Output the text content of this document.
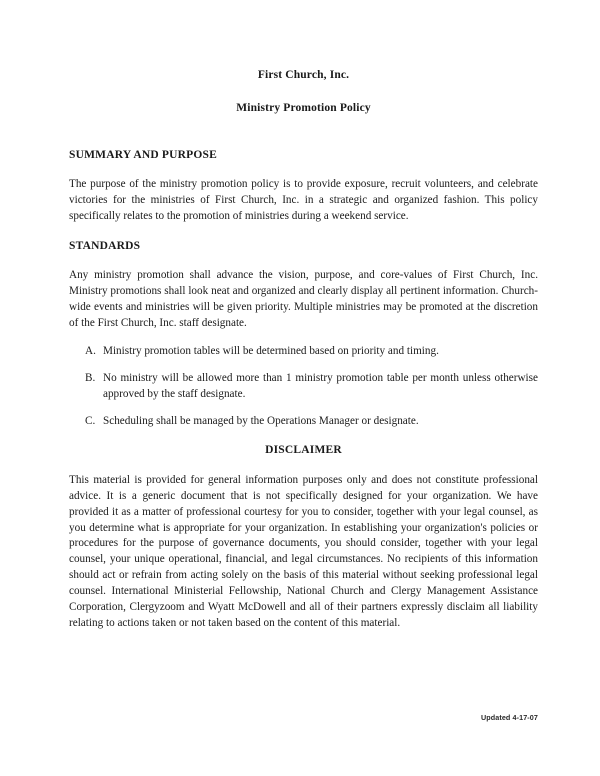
First Church, Inc.
Ministry Promotion Policy
SUMMARY AND PURPOSE

The purpose of the ministry promotion policy is to provide exposure, recruit volunteers, and celebrate victories for the ministries of First Church, Inc. in a strategic and organized fashion. This policy specifically relates to the promotion of ministries during a weekend service.

STANDARDS

Any ministry promotion shall advance the vision, purpose, and core-values of First Church, Inc. Ministry promotions shall look neat and organized and clearly display all pertinent information. Church-wide events and ministries will be given priority. Multiple ministries may be promoted at the discretion of the First Church, Inc. staff designate.

A. Ministry promotion tables will be determined based on priority and timing.
B. No ministry will be allowed more than 1 ministry promotion table per month unless otherwise approved by the staff designate.
C. Scheduling shall be managed by the Operations Manager or designate.
DISCLAIMER

This material is provided for general information purposes only and does not constitute professional advice. It is a generic document that is not specifically designed for your organization. We have provided it as a matter of professional courtesy for you to consider, together with your legal counsel, as you determine what is appropriate for your organization. In establishing your organization's policies or procedures for the purpose of governance documents, you should consider, together with your legal counsel, your unique operational, financial, and legal circumstances. No recipients of this information should act or refrain from acting solely on the basis of this material without seeking professional legal counsel. International Ministerial Fellowship, National Church and Clergy Management Assistance Corporation, Clergyzoom and Wyatt McDowell and all of their partners expressly disclaim all liability relating to actions taken or not taken based on the content of this material.

Updated 4-17-07
